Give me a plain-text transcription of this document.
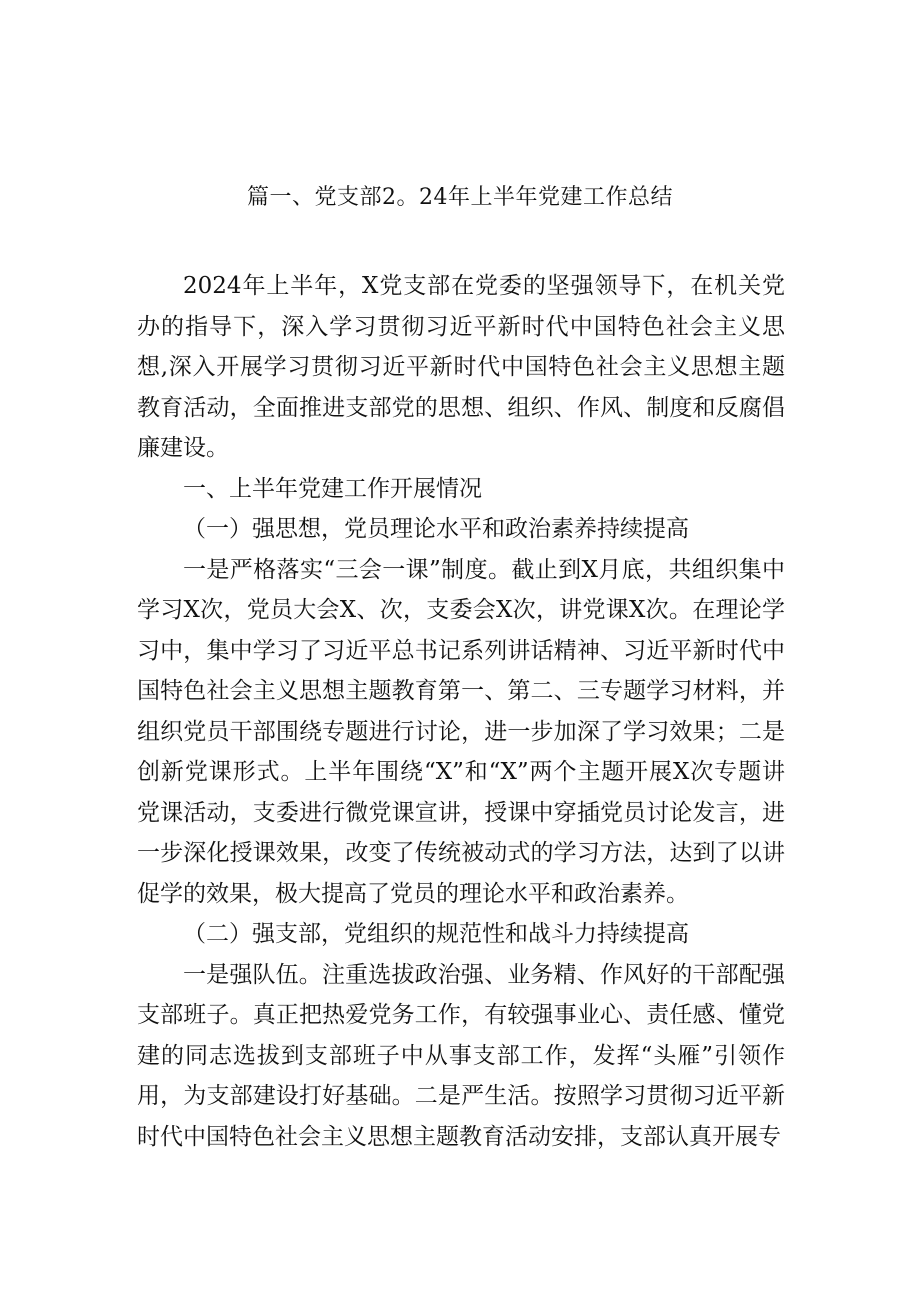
篇一、党支部2。24年上半年党建工作总结

2024年上半年，X党支部在党委的坚强领导下，在机关党办的指导下，深入学习贯彻习近平新时代中国特色社会主义思想,深入开展学习贯彻习近平新时代中国特色社会主义思想主题教育活动，全面推进支部党的思想、组织、作风、制度和反腐倡廉建设。

一、上半年党建工作开展情况

（一）强思想，党员理论水平和政治素养持续提高

一是严格落实“三会一课”制度。截止到X月底，共组织集中学习X次，党员大会X、次，支委会X次，讲党课X次。在理论学习中，集中学习了习近平总书记系列讲话精神、习近平新时代中国特色社会主义思想主题教育第一、第二、三专题学习材料，并组织党员干部围绕专题进行讨论，进一步加深了学习效果；二是创新党课形式。上半年围绕“X”和“X”两个主题开展X次专题讲党课活动，支委进行微党课宣讲，授课中穿插党员讨论发言，进一步深化授课效果，改变了传统被动式的学习方法，达到了以讲促学的效果，极大提高了党员的理论水平和政治素养。

（二）强支部，党组织的规范性和战斗力持续提高

一是强队伍。注重选拔政治强、业务精、作风好的干部配强支部班子。真正把热爱党务工作，有较强事业心、责任感、懂党建的同志选拔到支部班子中从事支部工作，发挥“头雁”引领作用，为支部建设打好基础。二是严生活。按照学习贯彻习近平新时代中国特色社会主义思想主题教育活动安排，支部认真开展专
